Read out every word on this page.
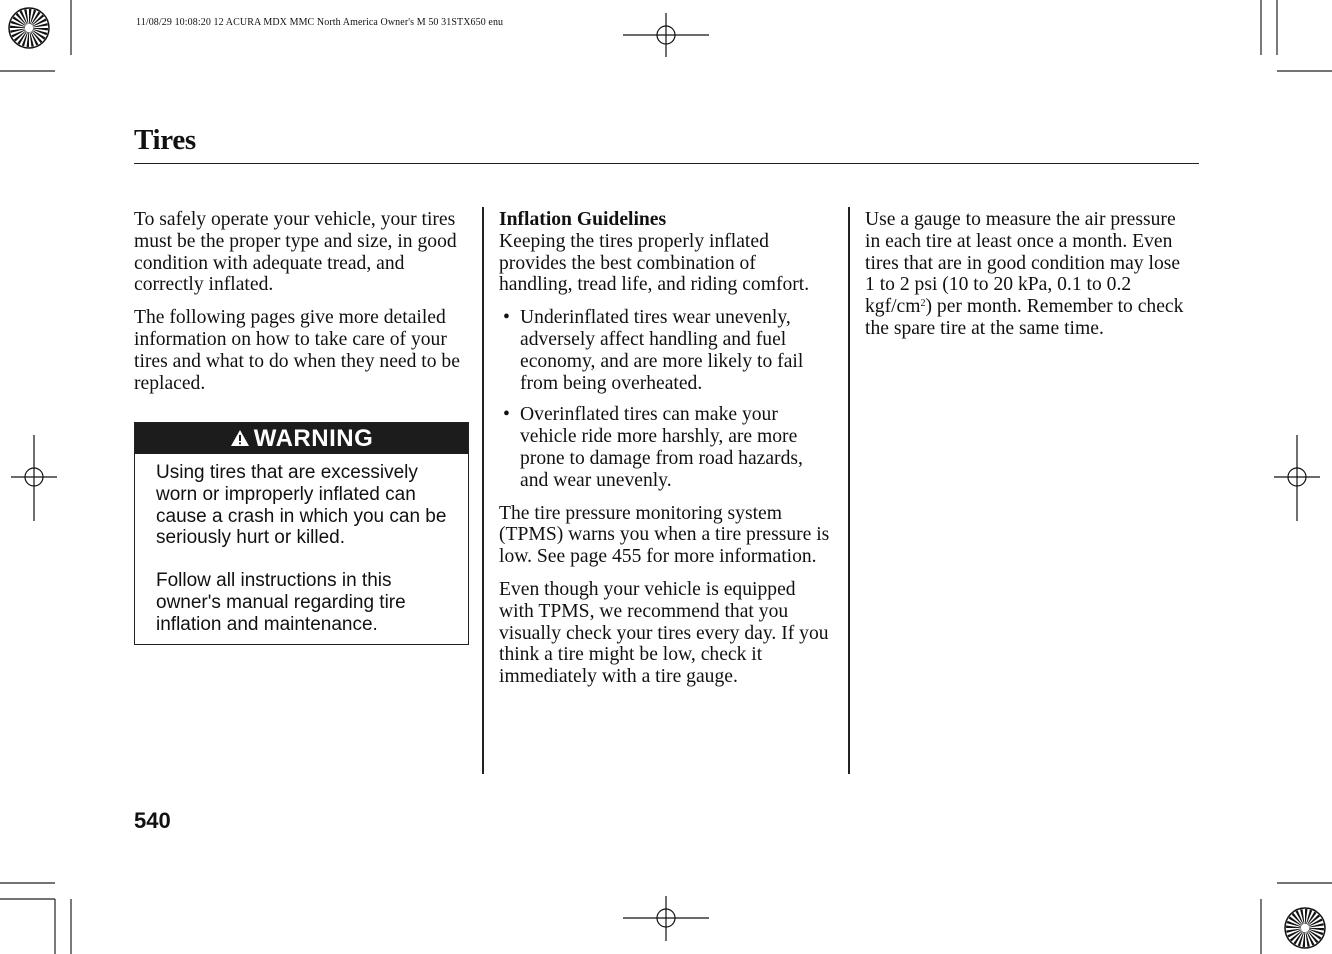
11/08/29 10:08:20 12 ACURA MDX MMC North America Owner's M 50 31STX650 enu
Tires

To safely operate your vehicle, your tires must be the proper type and size, in good condition with adequate tread, and correctly inflated.

The following pages give more detailed information on how to take care of your tires and what to do when they need to be replaced.

WARNING

Using tires that are excessively worn or improperly inflated can cause a crash in which you can be seriously hurt or killed.

Follow all instructions in this owner's manual regarding tire inflation and maintenance.

Inflation Guidelines
Keeping the tires properly inflated provides the best combination of handling, tread life, and riding comfort.

• Underinflated tires wear unevenly, adversely affect handling and fuel economy, and are more likely to fail from being overheated.
• Overinflated tires can make your vehicle ride more harshly, are more prone to damage from road hazards, and wear unevenly.

The tire pressure monitoring system (TPMS) warns you when a tire pressure is low. See page 455 for more information.

Even though your vehicle is equipped with TPMS, we recommend that you visually check your tires every day. If you think a tire might be low, check it immediately with a tire gauge.

Use a gauge to measure the air pressure in each tire at least once a month. Even tires that are in good condition may lose 1 to 2 psi (10 to 20 kPa, 0.1 to 0.2 kgf/$cm^2$) per month. Remember to check the spare tire at the same time.

540
